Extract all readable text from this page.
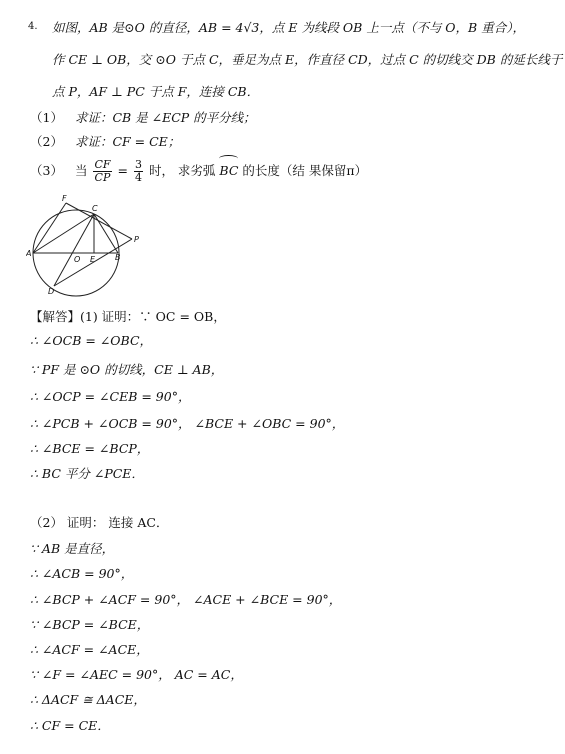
4. 如图，AB 是⊙O 的直径，AB = 4√3，点 E 为线段 OB 上一点（不与 O，B 重合），
作 CE ⊥ OB，交 ⊙O 于点 C，垂足为点 E，作直径 CD，过点 C 的切线交 DB 的延长线于
点 P，AF ⊥ PC 于点 F，连接 CB．
（1） 求证：CB 是 ∠ECP 的平分线；
（2） 求证：CF = CE；
（3） 当 $\frac{CF}{CP} = \frac{3}{4}$ 时， 求劣弧 BC 的长度（结 果保留π）
F
C
P
A
O E B
D
【解答】(1) 证明：∵ OC = OB，
∴ ∠OCB = ∠OBC，
∵ PF 是 ⊙O 的切线，CE ⊥ AB，
∴ ∠OCP = ∠CEB = 90°，
∴ ∠PCB + ∠OCB = 90°， ∠BCE + ∠OBC = 90°，
∴ ∠BCE = ∠BCP，
∴ BC 平分 ∠PCE．
（2） 证明： 连接 AC．
∵ AB 是直径，
∴ ∠ACB = 90°，
∴ ∠BCP + ∠ACF = 90°， ∠ACE + ∠BCE = 90°，
∵ ∠BCP = ∠BCE，
∴ ∠ACF = ∠ACE，
∵ ∠F = ∠AEC = 90°， AC = AC，
∴ ΔACF ≅ ΔACE，
∴ CF = CE．
